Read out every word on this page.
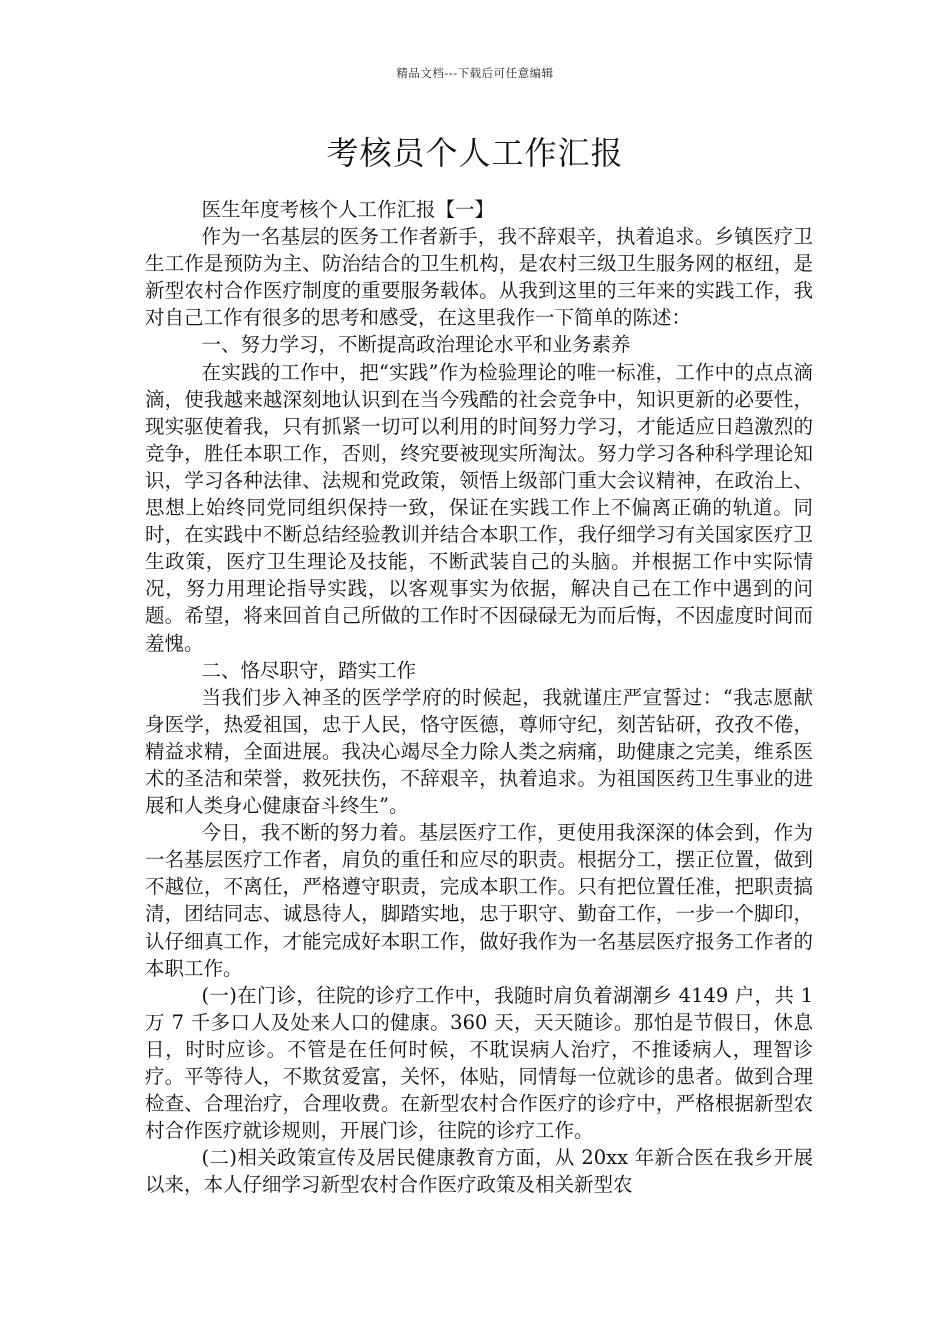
精品文档---下载后可任意编辑
考核员个人工作汇报

医生年度考核个人工作汇报【一】

作为一名基层的医务工作者新手，我不辞艰辛，执着追求。乡镇医疗卫生工作是预防为主、防治结合的卫生机构，是农村三级卫生服务网的枢纽，是新型农村合作医疗制度的重要服务载体。从我到这里的三年来的实践工作，我对自己工作有很多的思考和感受，在这里我作一下简单的陈述：

一、努力学习，不断提高政治理论水平和业务素养

在实践的工作中，把“实践”作为检验理论的唯一标准，工作中的点点滴滴，使我越来越深刻地认识到在当今残酷的社会竞争中，知识更新的必要性，现实驱使着我，只有抓紧一切可以利用的时间努力学习，才能适应日趋激烈的竞争，胜任本职工作，否则，终究要被现实所淘汰。努力学习各种科学理论知识，学习各种法律、法规和党政策，领悟上级部门重大会议精神，在政治上、思想上始终同党同组织保持一致，保证在实践工作上不偏离正确的轨道。同时，在实践中不断总结经验教训并结合本职工作，我仔细学习有关国家医疗卫生政策，医疗卫生理论及技能，不断武装自己的头脑。并根据工作中实际情况，努力用理论指导实践，以客观事实为依据，解决自己在工作中遇到的问题。希望，将来回首自己所做的工作时不因碌碌无为而后悔，不因虚度时间而羞愧。

二、恪尽职守，踏实工作

当我们步入神圣的医学学府的时候起，我就谨庄严宣誓过：“我志愿献身医学，热爱祖国，忠于人民，恪守医德，尊师守纪，刻苦钻研，孜孜不倦，精益求精，全面进展。我决心竭尽全力除人类之病痛，助健康之完美，维系医术的圣洁和荣誉，救死扶伤，不辞艰辛，执着追求。为祖国医药卫生事业的进展和人类身心健康奋斗终生”。

今日，我不断的努力着。基层医疗工作，更使用我深深的体会到，作为一名基层医疗工作者，肩负的重任和应尽的职责。根据分工，摆正位置，做到不越位，不离任，严格遵守职责，完成本职工作。只有把位置任准，把职责搞清，团结同志、诚恳待人，脚踏实地，忠于职守、勤奋工作，一步一个脚印，认仔细真工作，才能完成好本职工作，做好我作为一名基层医疗报务工作者的本职工作。

(一)在门诊，往院的诊疗工作中，我随时肩负着湖潮乡 4149 户，共 1 万 7 千多口人及处来人口的健康。360 天，天天随诊。那怕是节假日，休息日，时时应诊。不管是在任何时候，不耽误病人治疗，不推诿病人，理智诊疗。平等待人，不欺贫爱富，关怀，体贴，同情每一位就诊的患者。做到合理检查、合理治疗，合理收费。在新型农村合作医疗的诊疗中，严格根据新型农村合作医疗就诊规则，开展门诊，往院的诊疗工作。

(二)相关政策宣传及居民健康教育方面，从 20xx 年新合医在我乡开展以来，本人仔细学习新型农村合作医疗政策及相关新型农
